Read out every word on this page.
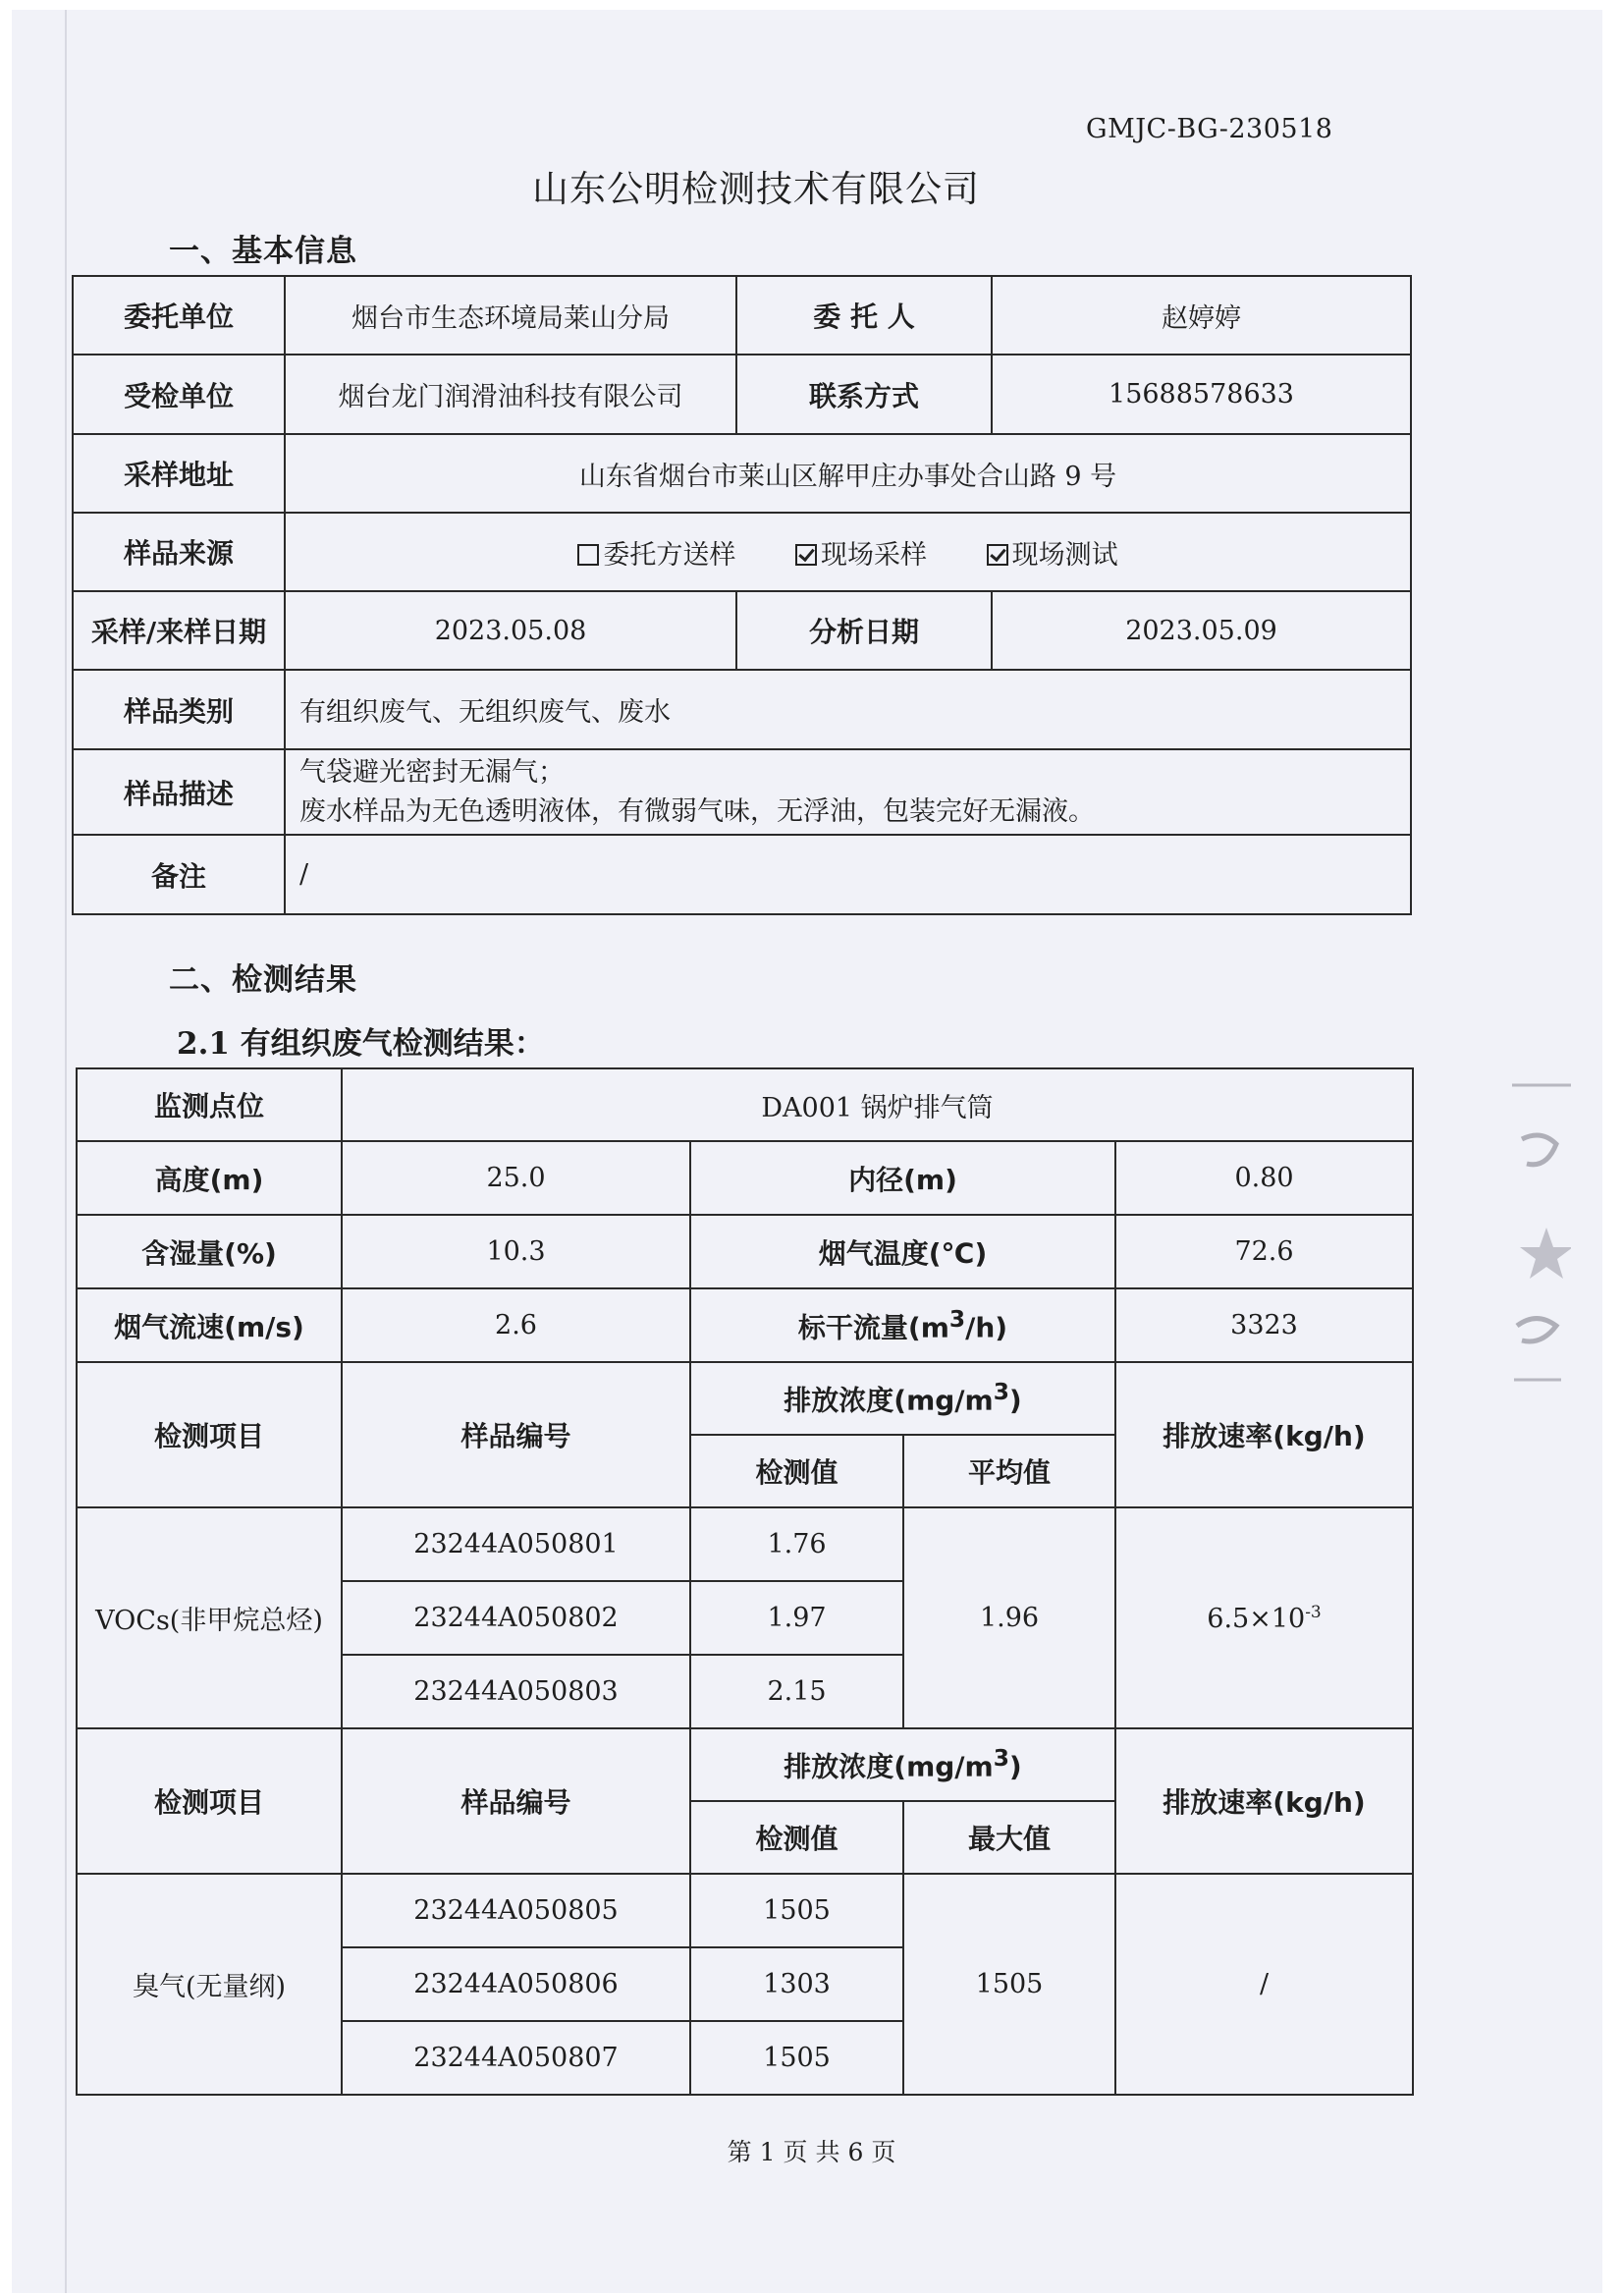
GMJC-BG-230518
山东公明检测技术有限公司
一、基本信息
委托单位	烟台市生态环境局莱山分局	委 托 人	赵婷婷
受检单位	烟台龙门润滑油科技有限公司	联系方式	15688578633
采样地址	山东省烟台市莱山区解甲庄办事处合山路 9 号		
样品来源	委托方送样 现场采样 现场测试		
采样/来样日期	2023.05.08	分析日期	2023.05.09
样品类别	有组织废气、无组织废气、废水		
样品描述	气袋避光密封无漏气；
废水样品为无色透明液体，有微弱气味，无浮油，包装完好无漏液。		

备注	/		
二、检测结果
2.1 有组织废气检测结果：
监测点位	DA001 锅炉排气筒			
高度(m)	25.0	内径(m)		0.80
含湿量(%)	10.3	烟气温度(℃)		72.6
烟气流速(m/s)	2.6	标干流量$(m^3/h)$		3323
检测项目	样品编号	排放浓度$(mg/m^3)$		排放速率(kg/h)
		检测值	平均值	
VOCs(非甲烷总烃)	23244A050801	1.76	1.96	$6.5\times 10^{-3}$
	23244A050802	1.97		
	23244A050803	2.15		
检测项目	样品编号	排放浓度$(mg/m^3)$		排放速率(kg/h)
		检测值	最大值	
臭气(无量纲)	23244A050805	1505	1505	/
	23244A050806	1303		
	23244A050807	1505		
第 1 页 共 6 页
